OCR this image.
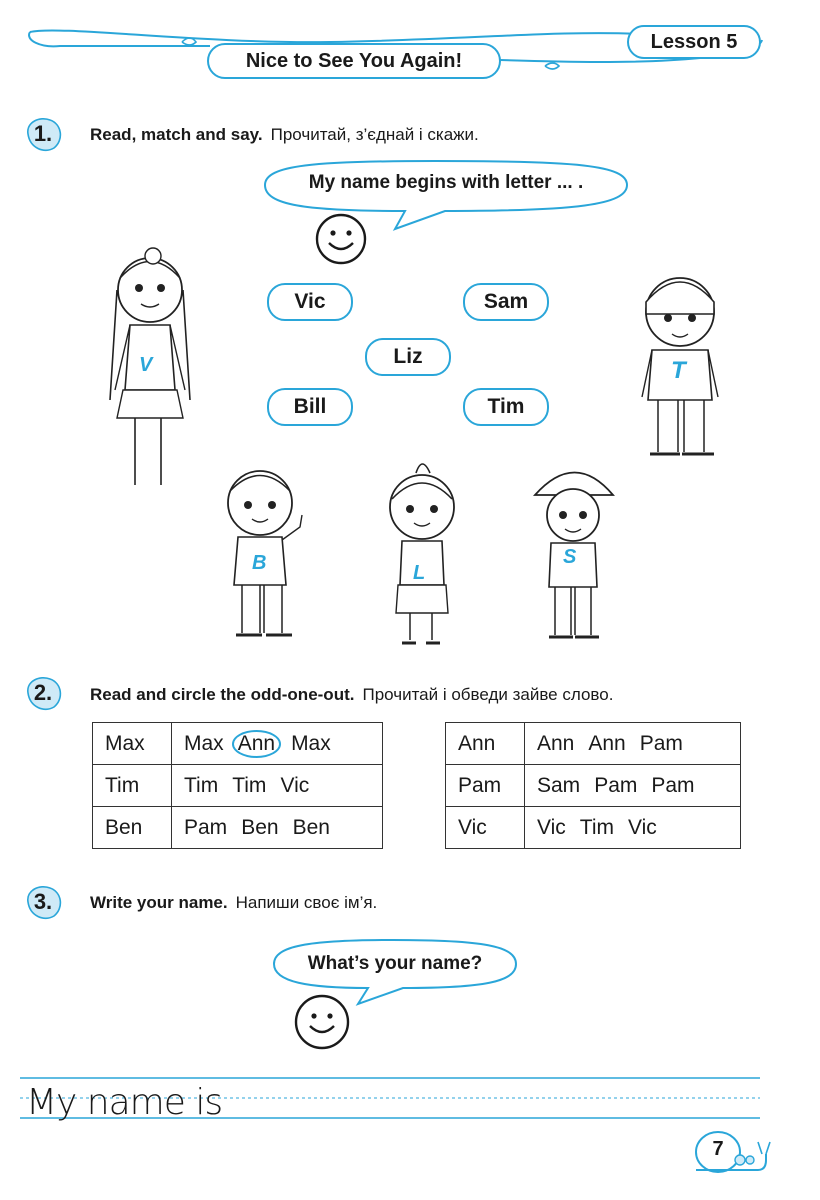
Lesson 5
Nice to See You Again!
1.	Read, match and say. Прочитай, з’єднай і скажи.
My name begins with letter ... .
Vic	Sam
Liz
Bill	Tim
V	T
B	L
S
2.	Read and circle the odd-one-out. Прочитай і обведи зайве слово.
Max	Max Ann Max
Tim	Tim Tim Vic
Ben	Pam Ben Ben
Ann	Ann Ann Pam
Pam	Sam Pam Pam
Vic	Vic Tim Vic
3.	Write your name. Напиши своє ім’я.
What’s your name?
My name is
7
